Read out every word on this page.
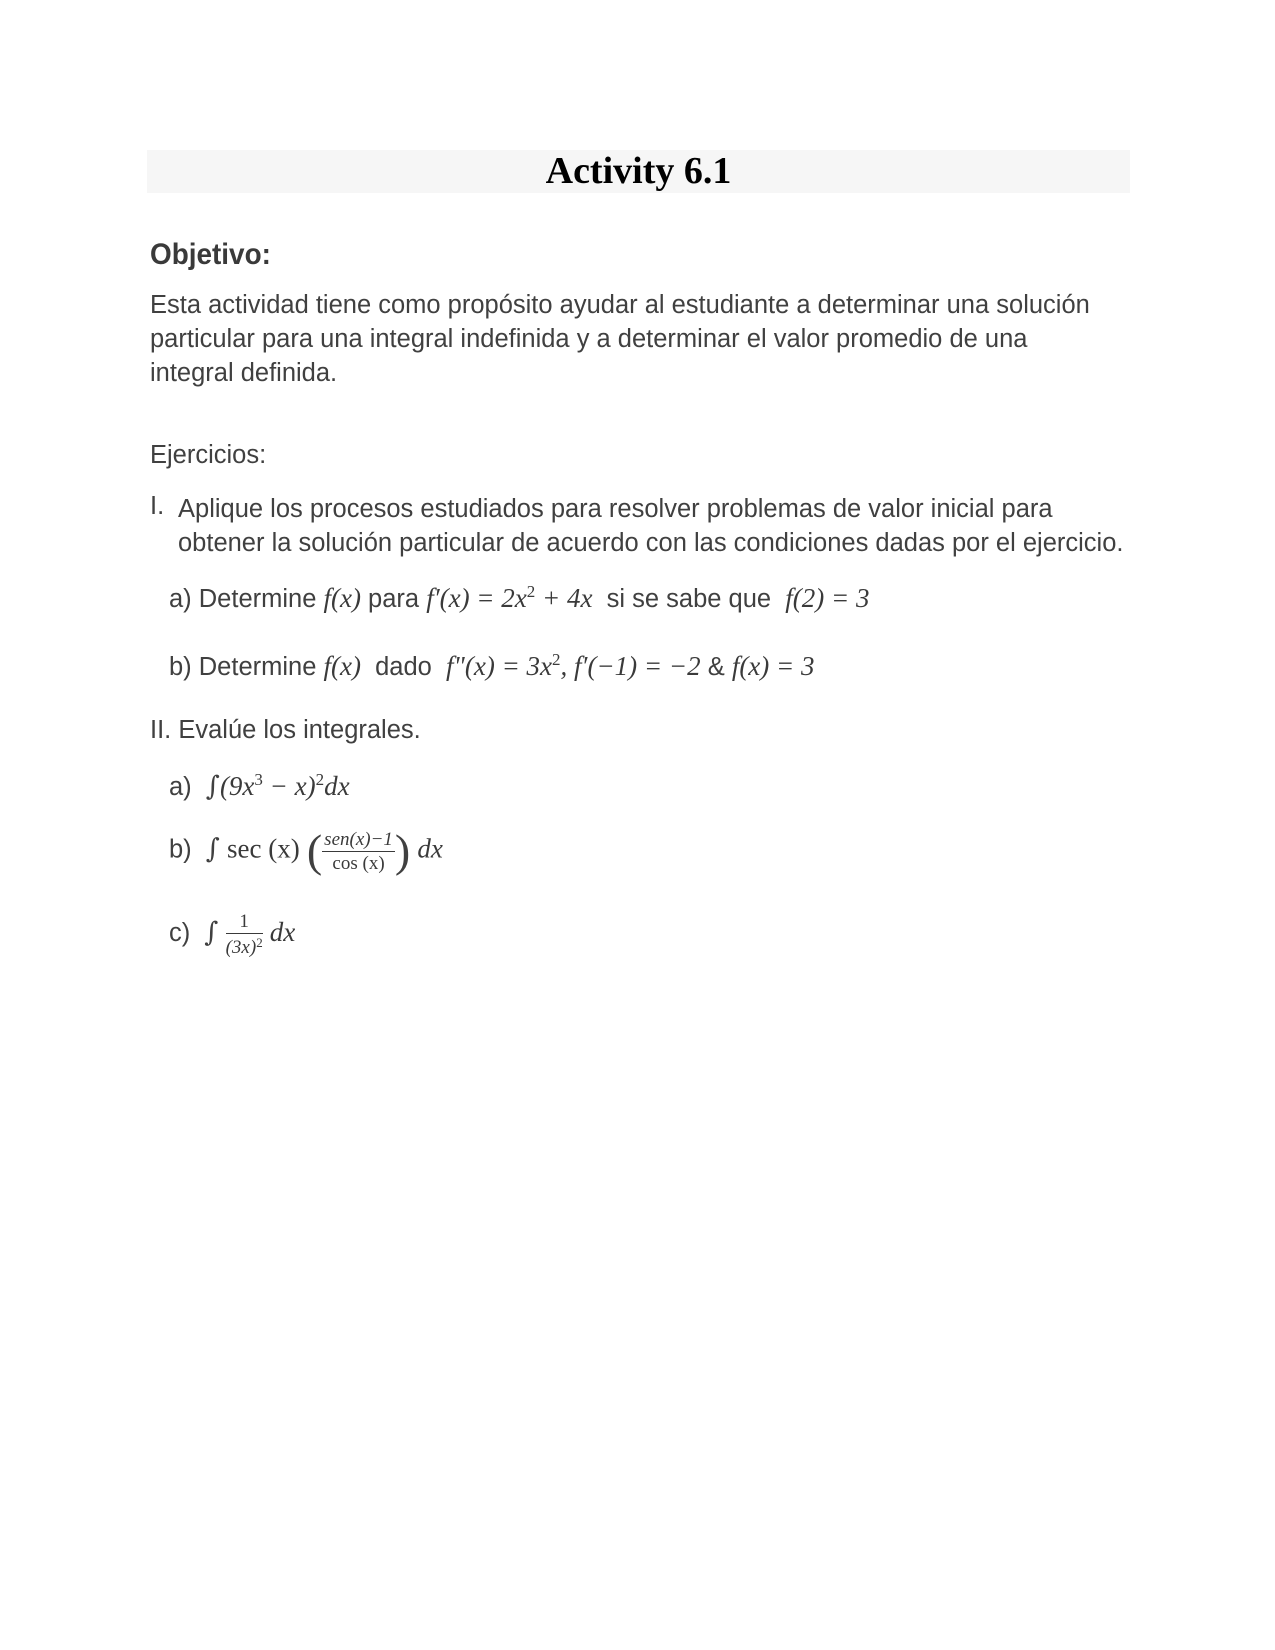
Activity 6.1
Objetivo:
Esta actividad tiene como propósito ayudar al estudiante a determinar una solución particular para una integral indefinida y a determinar el valor promedio de una integral definida.
Ejercicios:
I. Aplique los procesos estudiados para resolver problemas de valor inicial para obtener la solución particular de acuerdo con las condiciones dadas por el ejercicio.
a) Determine f(x) para $f'(x) = 2x^2 + 4x$ si se sabe que f(2) = 3
b) Determine f(x) dado f"(x) = $3x^2$, f′(−1) = −2 & f(x) = 3
II. Evalúe los integrales.
a) $\int(9x^3 - x)^2dx$
b) ∫ sec (x) ( $\frac{\text{sen(x)−1}}{\cos (x)}$ ) dx
c) ∫ $\frac{1}{(3x)^2}$ dx
